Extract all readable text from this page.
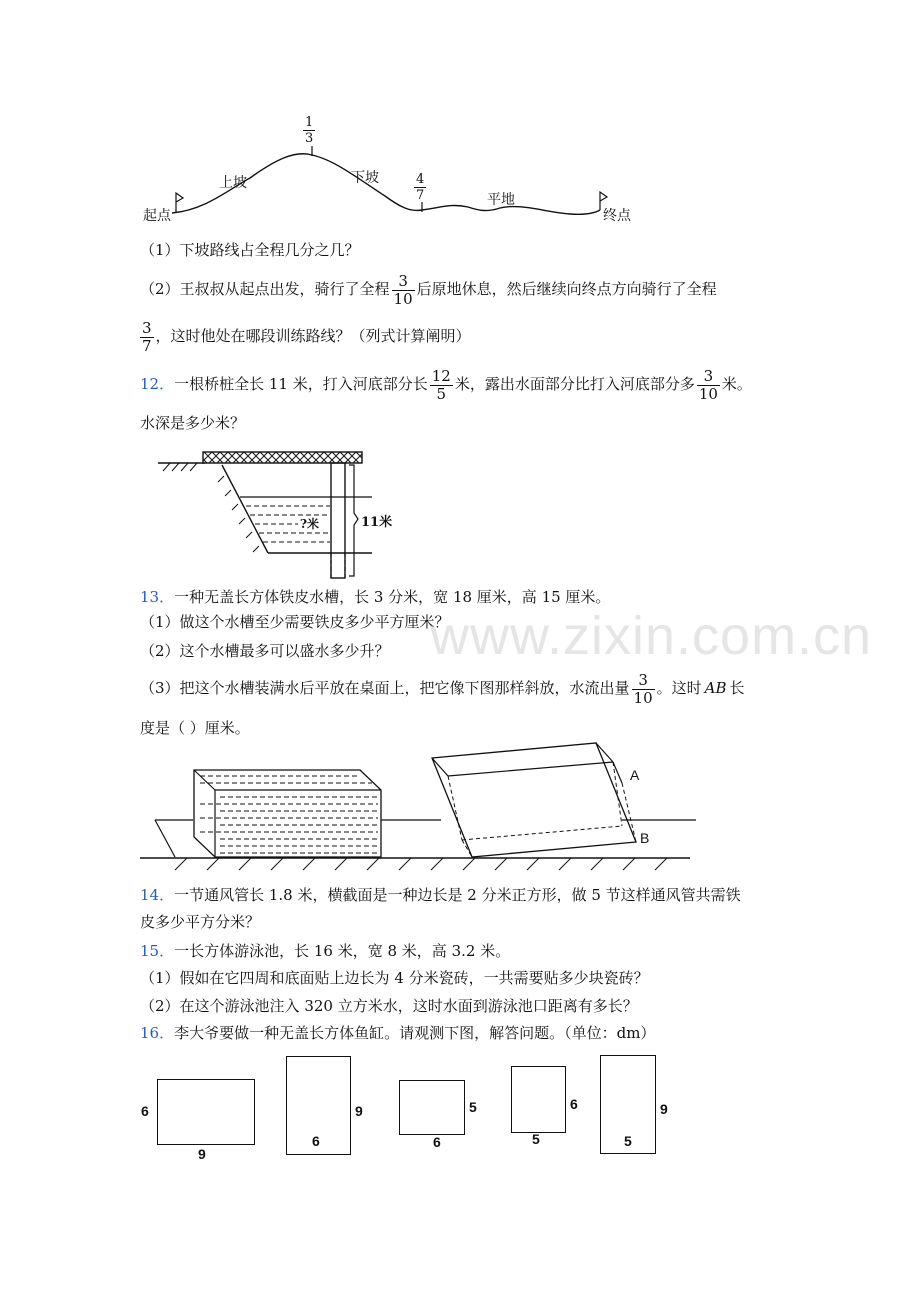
$\frac{1}{3}$
$\frac{4}{7}$
上坡	下坡
平地
起点	终点
（1）下坡路线占全程几分之几？
（2）王叔叔从起点出发，骑行了全程 $\frac{3}{10}$ 后原地休息，然后继续向终点方向骑行了全程
$\frac{3}{7}$ ，这时他处在哪段训练路线？（列式计算阐明）
12．一根桥桩全长 11 米，打入河底部分长 $\frac{12}{5}$ 米，露出水面部分比打入河底部分多 $\frac{3}{10}$ 米。
水深是多少米？
?米	11米
13．一种无盖长方体铁皮水槽，长 3 分米，宽 18 厘米，高 15 厘米。
（1）做这个水槽至少需要铁皮多少平方厘米？
（2）这个水槽最多可以盛水多少升？
（3）把这个水槽装满水后平放在桌面上，把它像下图那样斜放，水流出量 $\frac{3}{10}$ 。这时 AB 长
度是（ ）厘米。
A
B
14．一节通风管长 1.8 米，横截面是一种边长是 2 分米正方形，做 5 节这样通风管共需铁
皮多少平方分米？
15．一长方体游泳池，长 16 米，宽 8 米，高 3.2 米。
（1）假如在它四周和底面贴上边长为 4 分米瓷砖，一共需要贴多少块瓷砖？
（2）在这个游泳池注入 320 立方米水，这时水面到游泳池口距离有多长？
16．李大爷要做一种无盖长方体鱼缸。请观测下图，解答问题。（单位：dm）
6
9
9
6
5
6
6
5
9
5
www.zixin.com.cn
